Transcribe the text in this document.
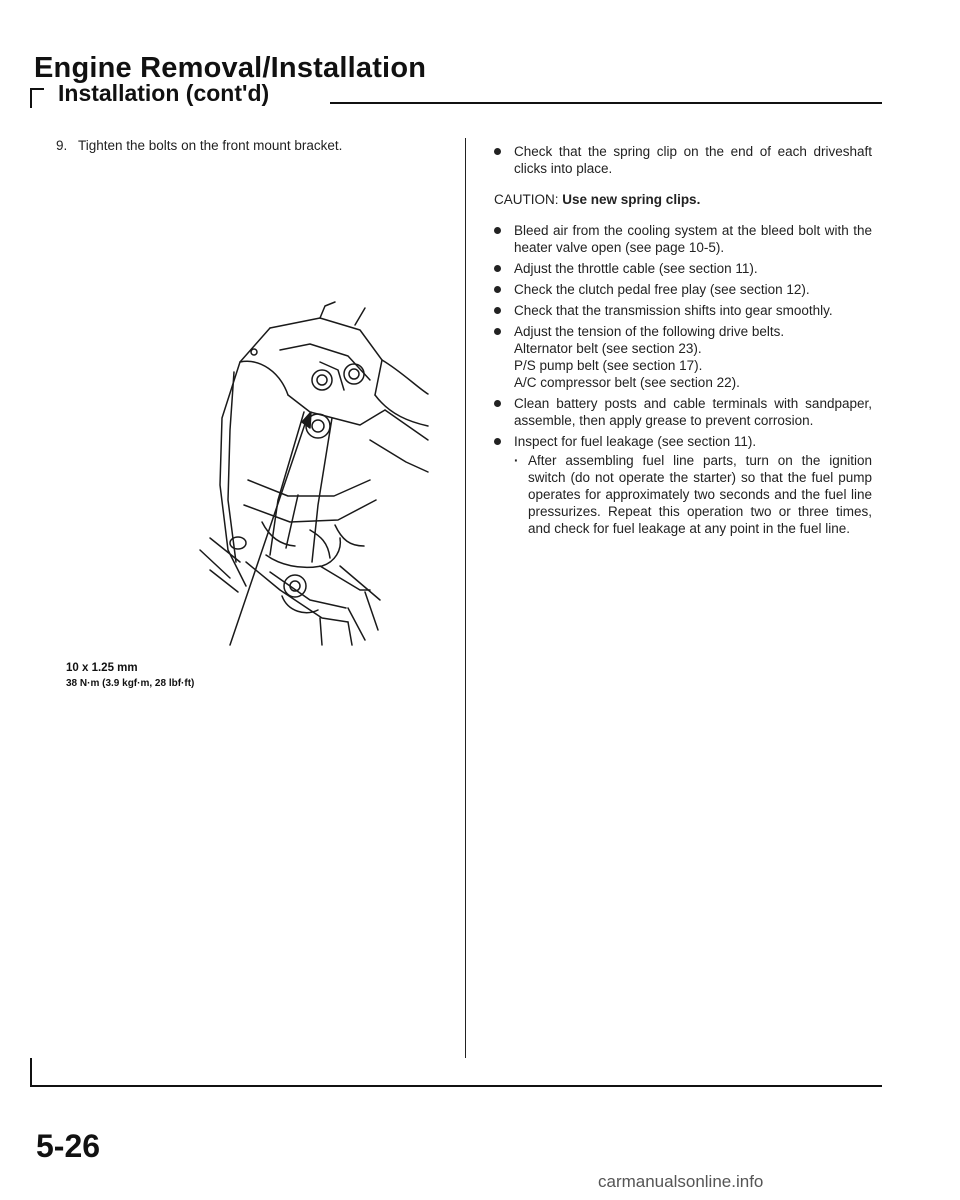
Engine Removal/Installation
Installation (cont'd)
9. Tighten the bolts on the front mount bracket.
10 x 1.25 mm
38 N·m (3.9 kgf·m, 28 lbf·ft)
Check that the spring clip on the end of each driveshaft clicks into place.
CAUTION: Use new spring clips.
Bleed air from the cooling system at the bleed bolt with the heater valve open (see page 10-5).
Adjust the throttle cable (see section 11).
Check the clutch pedal free play (see section 12).
Check that the transmission shifts into gear smoothly.
Adjust the tension of the following drive belts.
Alternator belt (see section 23).
P/S pump belt (see section 17).
A/C compressor belt (see section 22).
Clean battery posts and cable terminals with sandpaper, assemble, then apply grease to prevent corrosion.
Inspect for fuel leakage (see section 11).
· After assembling fuel line parts, turn on the ignition switch (do not operate the starter) so that the fuel pump operates for approximately two seconds and the fuel line pressurizes. Repeat this operation two or three times, and check for fuel leakage at any point in the fuel line.
5-26
carmanualsonline.info
